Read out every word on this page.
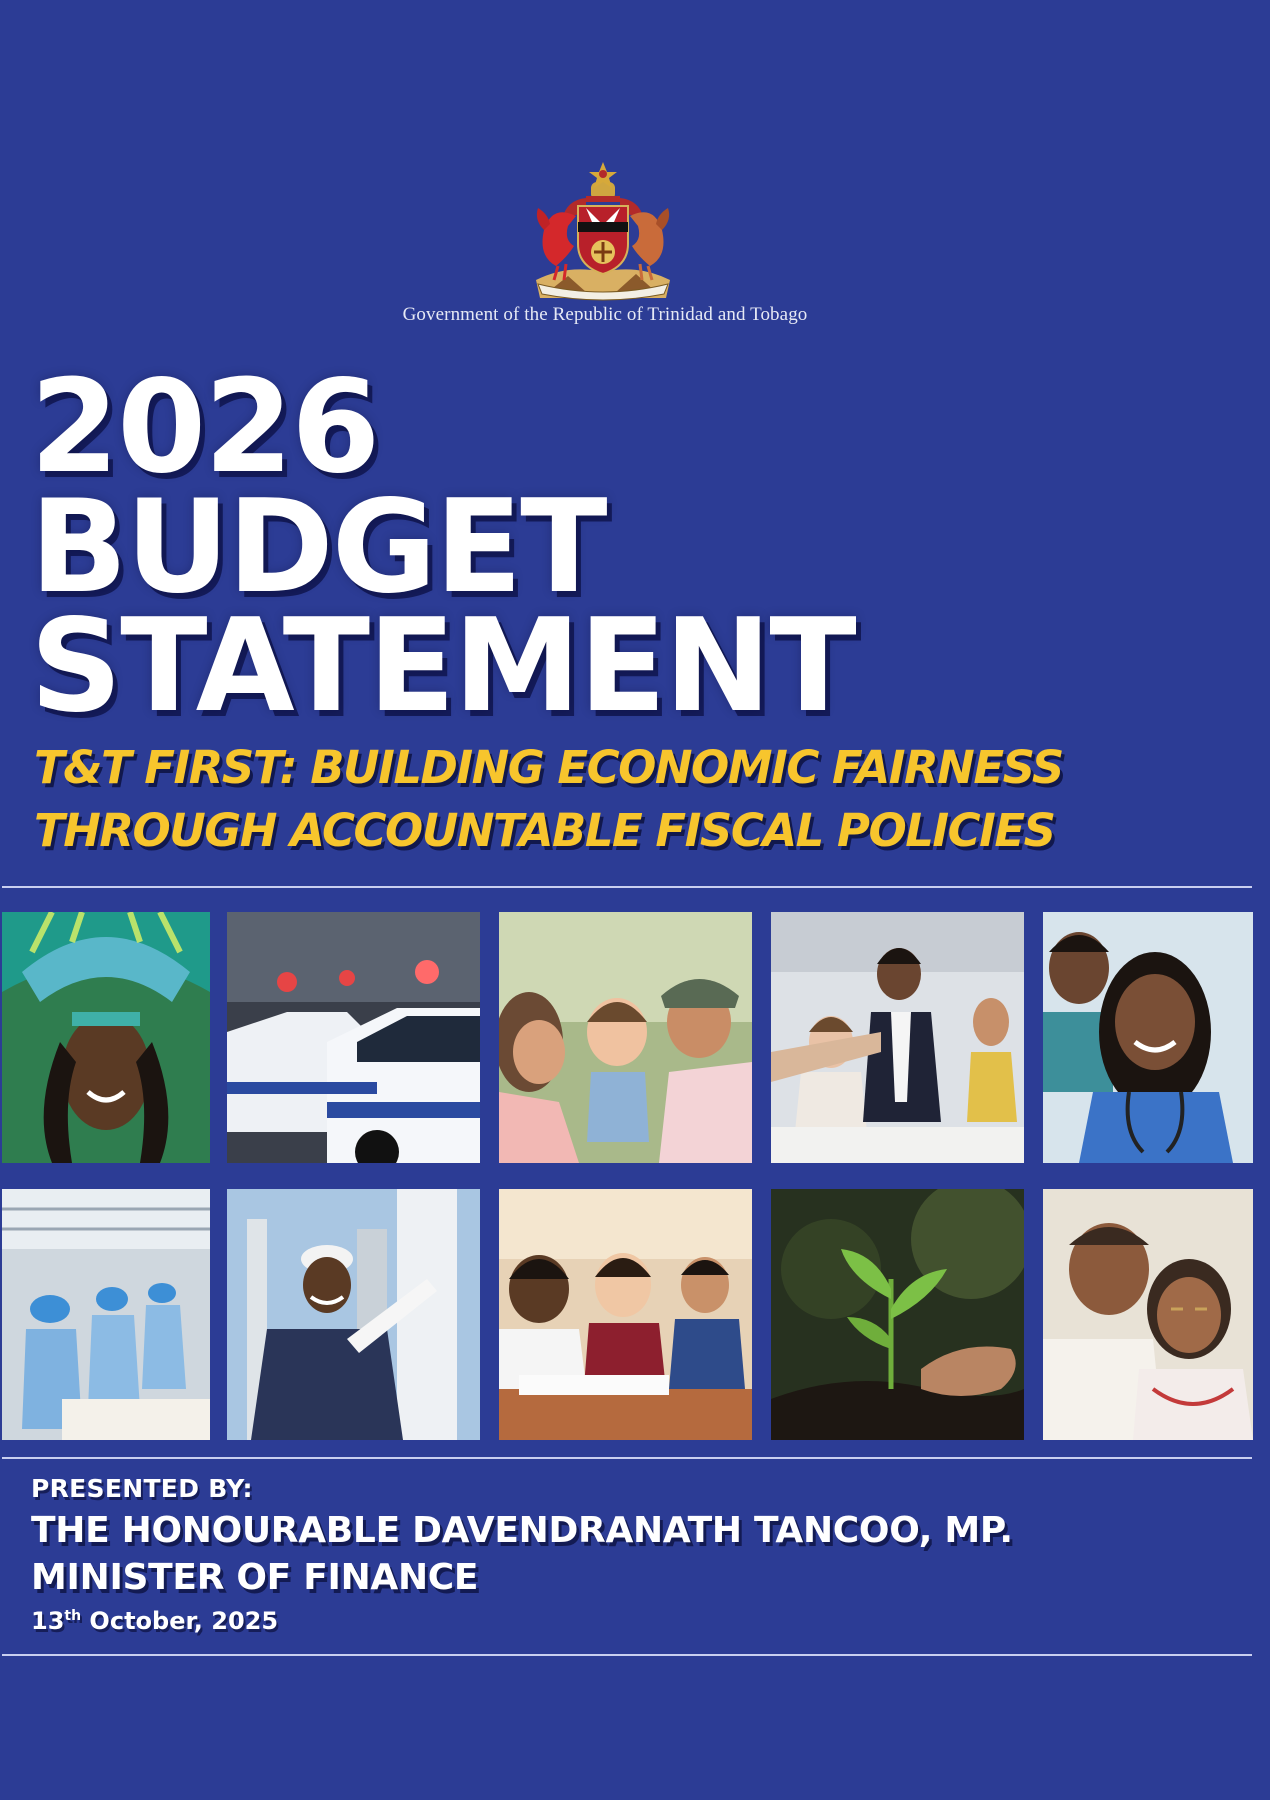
Government of the Republic of Trinidad and Tobago
2026
BUDGET
STATEMENT
T&T FIRST: BUILDING ECONOMIC FAIRNESS
THROUGH ACCOUNTABLE FISCAL POLICIES
PRESENTED BY:
THE HONOURABLE DAVENDRANATH TANCOO, MP.
MINISTER OF FINANCE
13th October, 2025
